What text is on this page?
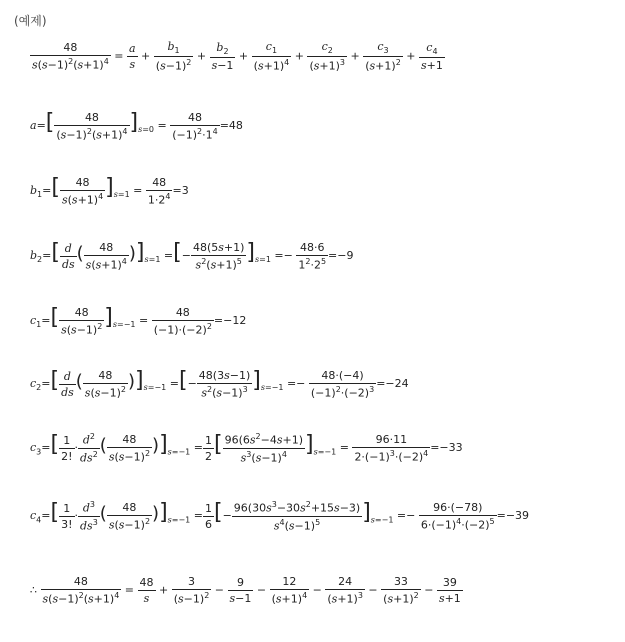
(예제)
$\frac{48}{s(s-1)^2(s+1)^4} = \frac{a}{s} + \frac{b_1}{(s-1)^2} + \frac{b_2}{s-1} + \frac{c_1}{(s+1)^4} + \frac{c_2}{(s+1)^3} + \frac{c_3}{(s+1)^2} + \frac{c_4}{s+1}$
$a=[ \frac{48}{(s-1)^2(s+1)^4} ]_{s=0} = \frac{48}{(-1)^2\cdot 1^4} =48$
$b_1=[ \frac{48}{s(s+1)^4} ]_{s=1} = \frac{48}{1\cdot 2^4} =3$
$b_2=[ \frac{d}{ds}$ ( $\frac{48}{s(s+1)^4} )]_{s=1}$ =[− $\frac{48(5s+1)}{s^2(s+1)^5} ]_{s=1} =- \frac{48\cdot 6}{1^2\cdot 2^5} =-9$
$c_1=[ \frac{48}{s(s-1)^2} ]_{s=-1} = \frac{48}{(-1)\cdot(-2)^2} =-12$
$c_2=[ \frac{d}{ds}$ ( $\frac{48}{s(s-1)^2} )]_{s=-1}$ =[− $\frac{48(3s-1)}{s^2(s-1)^3} ]_{s=-1} =- \frac{48\cdot(-4)}{(-1)^2\cdot(-2)^3} =-24$
$c_3=[ \frac{1}{2!} \cdot \frac{d^2}{ds^2}$ ( $\frac{48}{s(s-1)^2} )]_{s=-1} = \frac{1}{2}$ [ $\frac{96(6s^2-4s+1)}{s^3(s-1)^4} ]_{s=-1} = \frac{96\cdot 11}{2\cdot(-1)^3\cdot(-2)^4} =-33$
$c_4=[ \frac{1}{3!} \cdot \frac{d^3}{ds^3}$ ( $\frac{48}{s(s-1)^2} )]_{s=-1} = \frac{1}{6}$ [− $\frac{96(30s^3-30s^2+15s-3)}{s^4(s-1)^5} ]_{s=-1} =- \frac{96\cdot(-78)}{6\cdot(-1)^4\cdot(-2)^5} =-39$
∴ $\frac{48}{s(s-1)^2(s+1)^4} = \frac{48}{s} + \frac{3}{(s-1)^2} - \frac{9}{s-1} - \frac{12}{(s+1)^4} - \frac{24}{(s+1)^3} - \frac{33}{(s+1)^2} - \frac{39}{s+1}$
